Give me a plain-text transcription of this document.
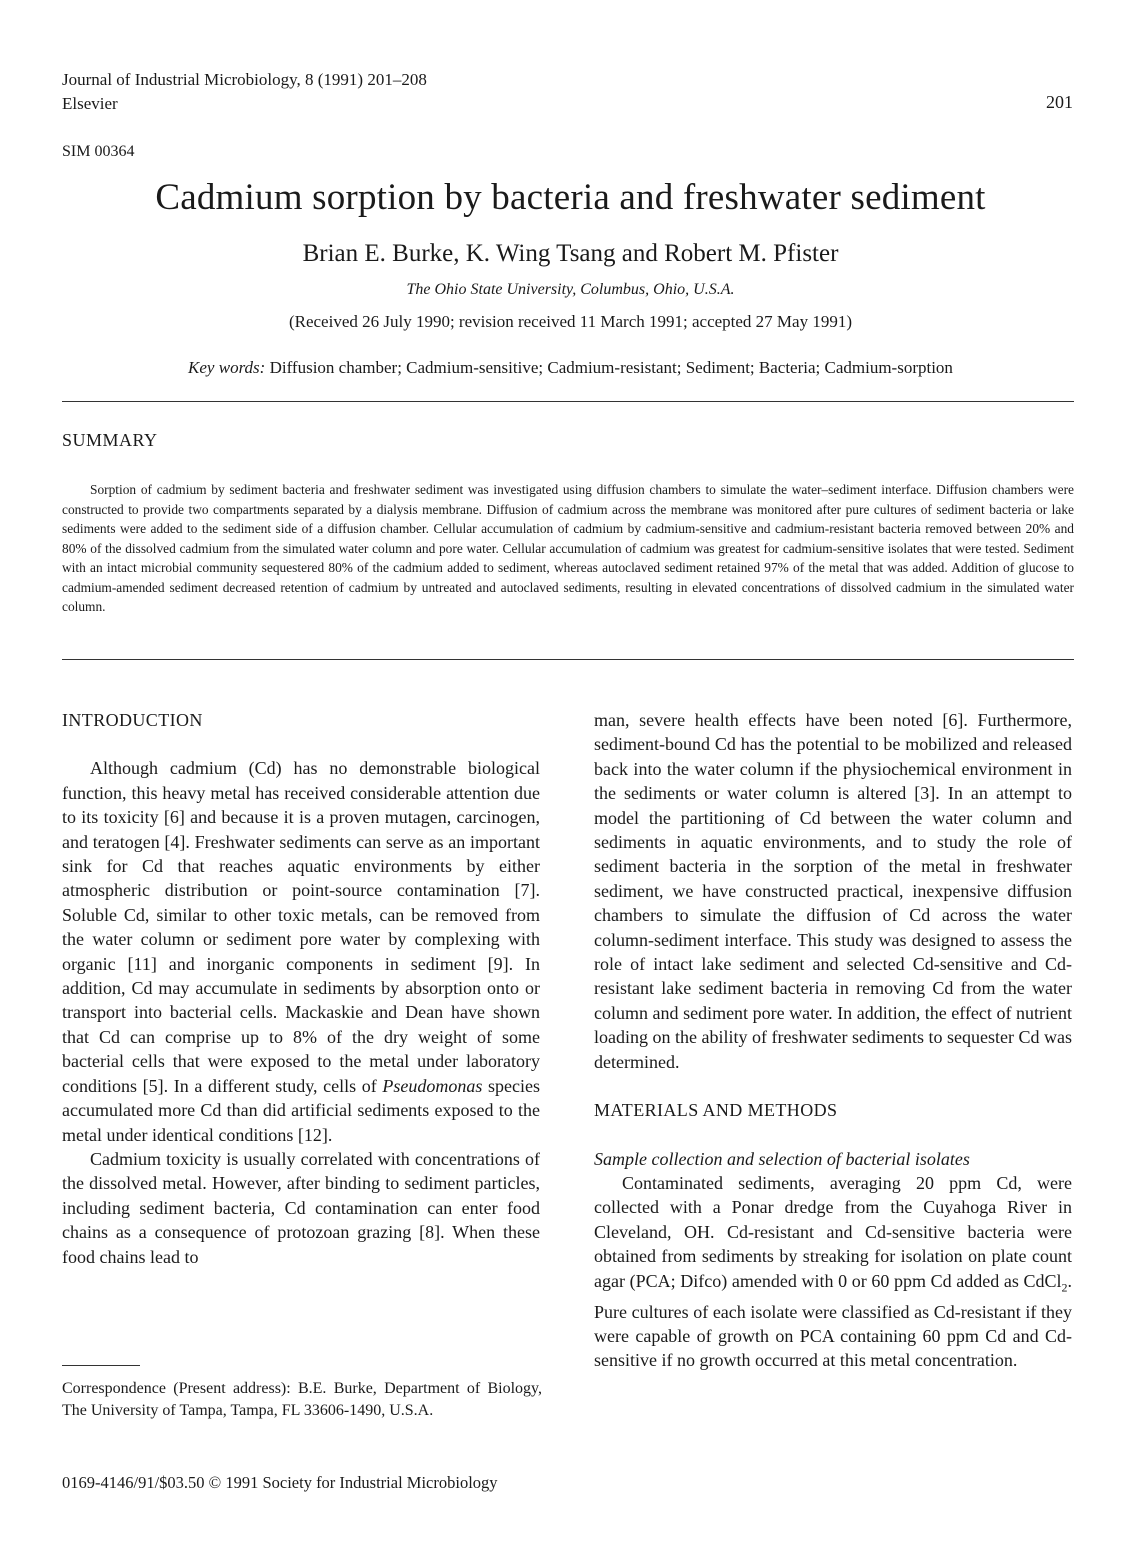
Journal of Industrial Microbiology, 8 (1991) 201–208
Elsevier	201
SIM 00364
Cadmium sorption by bacteria and freshwater sediment
Brian E. Burke, K. Wing Tsang and Robert M. Pfister
The Ohio State University, Columbus, Ohio, U.S.A.
(Received 26 July 1990; revision received 11 March 1991; accepted 27 May 1991)
Key words: Diffusion chamber; Cadmium-sensitive; Cadmium-resistant; Sediment; Bacteria; Cadmium-sorption
SUMMARY
Sorption of cadmium by sediment bacteria and freshwater sediment was investigated using diffusion chambers to simulate the water–sediment interface. Diffusion chambers were constructed to provide two compartments separated by a dialysis membrane. Diffusion of cadmium across the membrane was monitored after pure cultures of sediment bacteria or lake sediments were added to the sediment side of a diffusion chamber. Cellular accumulation of cadmium by cadmium-sensitive and cadmium-resistant bacteria removed between 20% and 80% of the dissolved cadmium from the simulated water column and pore water. Cellular accumulation of cadmium was greatest for cadmium-sensitive isolates that were tested. Sediment with an intact microbial community sequestered 80% of the cadmium added to sediment, whereas autoclaved sediment retained 97% of the metal that was added. Addition of glucose to cadmium-amended sediment decreased retention of cadmium by untreated and autoclaved sediments, resulting in elevated concentrations of dissolved cadmium in the simulated water column.
INTRODUCTION

Although cadmium (Cd) has no demonstrable biological function, this heavy metal has received considerable attention due to its toxicity [6] and because it is a proven mutagen, carcinogen, and teratogen [4]. Freshwater sediments can serve as an important sink for Cd that reaches aquatic environments by either atmospheric distribution or point-source contamination [7]. Soluble Cd, similar to other toxic metals, can be removed from the water column or sediment pore water by complexing with organic [11] and inorganic components in sediment [9]. In addition, Cd may accumulate in sediments by absorption onto or transport into bacterial cells. Mackaskie and Dean have shown that Cd can comprise up to 8% of the dry weight of some bacterial cells that were exposed to the metal under laboratory conditions [5]. In a different study, cells of Pseudomonas species accumulated more Cd than did artificial sediments exposed to the metal under identical conditions [12].

Cadmium toxicity is usually correlated with concentrations of the dissolved metal. However, after binding to sediment particles, including sediment bacteria, Cd contamination can enter food chains as a consequence of protozoan grazing [8]. When these food chains lead to

Correspondence (Present address): B.E. Burke, Department of Biology, The University of Tampa, Tampa, FL 33606-1490, U.S.A.
0169-4146/91/$03.50 © 1991 Society for Industrial Microbiology

man, severe health effects have been noted [6]. Furthermore, sediment-bound Cd has the potential to be mobilized and released back into the water column if the physiochemical environment in the sediments or water column is altered [3]. In an attempt to model the partitioning of Cd between the water column and sediments in aquatic environments, and to study the role of sediment bacteria in the sorption of the metal in freshwater sediment, we have constructed practical, inexpensive diffusion chambers to simulate the diffusion of Cd across the water column-sediment interface. This study was designed to assess the role of intact lake sediment and selected Cd-sensitive and Cd-resistant lake sediment bacteria in removing Cd from the water column and sediment pore water. In addition, the effect of nutrient loading on the ability of freshwater sediments to sequester Cd was determined.

MATERIALS AND METHODS
Sample collection and selection of bacterial isolates

Contaminated sediments, averaging 20 ppm Cd, were collected with a Ponar dredge from the Cuyahoga River in Cleveland, OH. Cd-resistant and Cd-sensitive bacteria were obtained from sediments by streaking for isolation on plate count agar (PCA; Difco) amended with 0 or 60 ppm Cd added as CdCl$_2$. Pure cultures of each isolate were classified as Cd-resistant if they were capable of growth on PCA containing 60 ppm Cd and Cd-sensitive if no growth occurred at this metal concentration.
